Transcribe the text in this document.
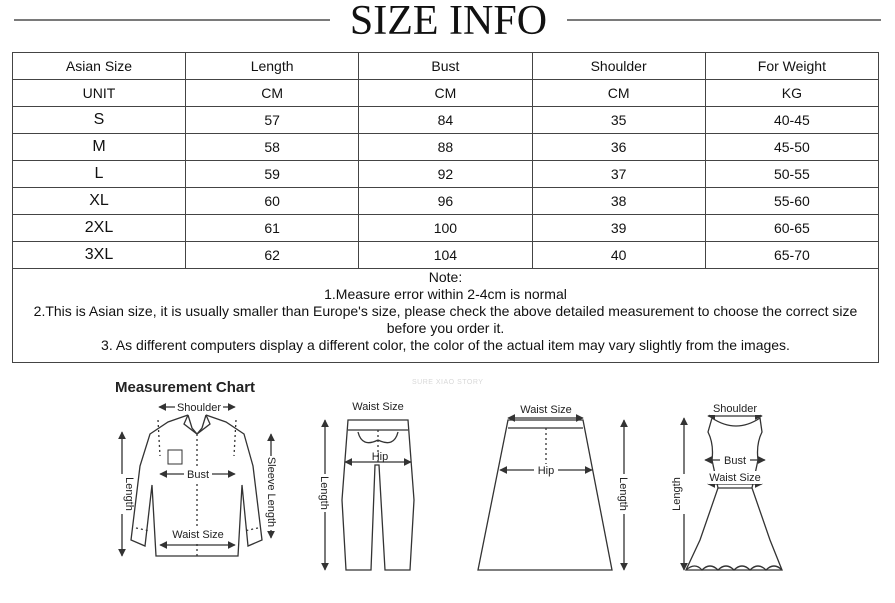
SIZE INFO
Asian Size	Length	Bust	Shoulder	For Weight
UNIT	CM	CM	CM	KG
S	57	84	35	40-45
M	58	88	36	45-50
L	59	92	37	50-55
XL	60	96	38	55-60
2XL	61	100	39	60-65
3XL	62	104	40	65-70
Note:
1.Measure error within 2-4cm is normal
2.This is Asian size, it is usually smaller than Europe's size, please check the above detailed measurement to choose the correct size
before you order it.
3. As different computers display a different color, the color of the actual item may vary slightly from the images.
Shoulder
Bust
Waist Size
Length	Sleeve Length
Waist Size
Hip
Length
Waist Size
Hip
Length
Shoulder
Bust
Waist Size
Length
Measurement Chart	SURE XIAO STORY
